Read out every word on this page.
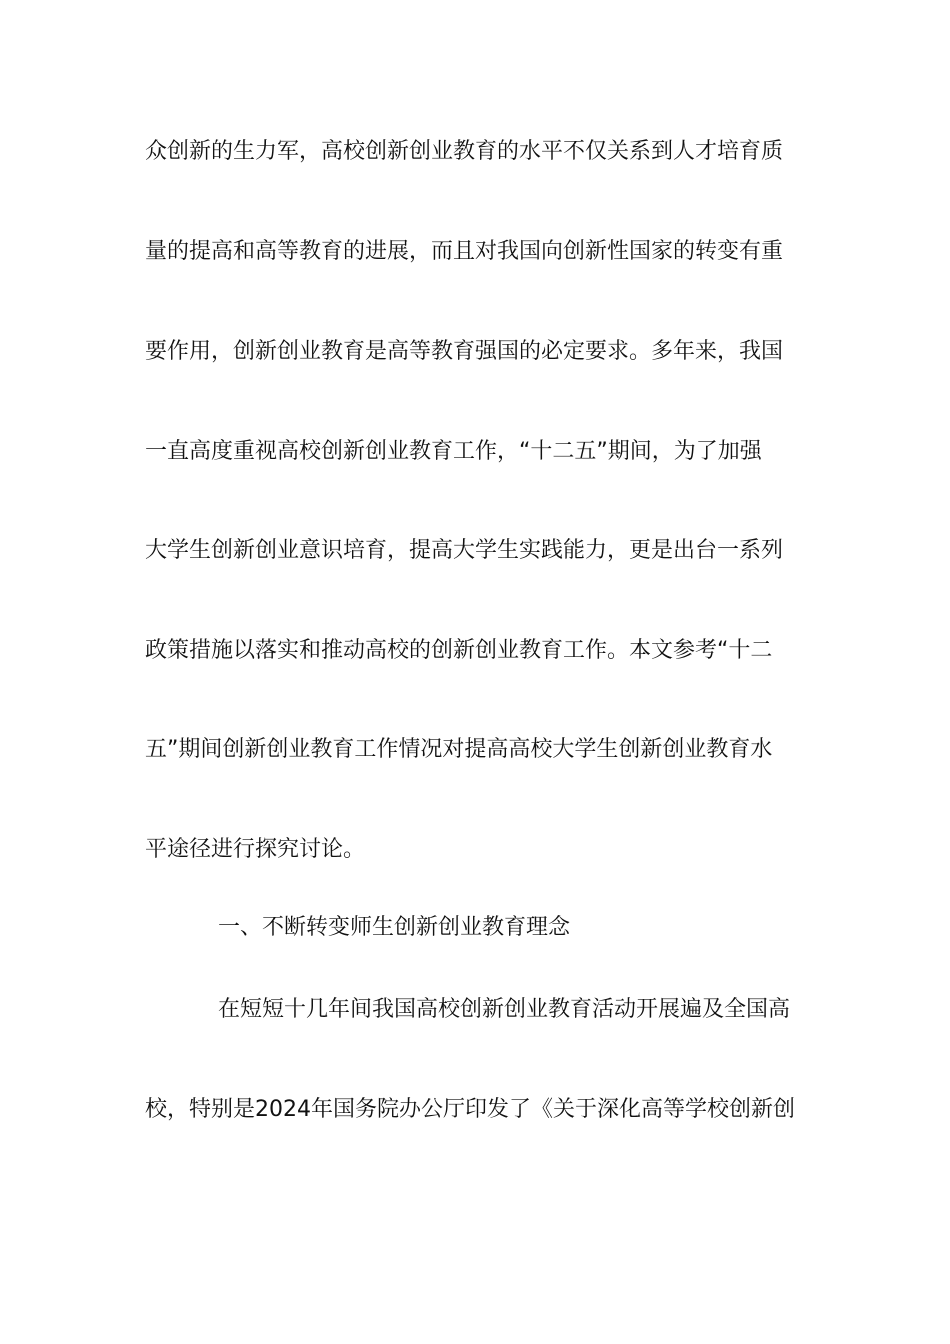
众创新的生力军，高校创新创业教育的水平不仅关系到人才培育质
量的提高和高等教育的进展，而且对我国向创新性国家的转变有重
要作用，创新创业教育是高等教育强国的必定要求。多年来，我国
一直高度重视高校创新创业教育工作，“十二五”期间，为了加强
大学生创新创业意识培育，提高大学生实践能力，更是出台一系列
政策措施以落实和推动高校的创新创业教育工作。本文参考“十二
五”期间创新创业教育工作情况对提高高校大学生创新创业教育水
平途径进行探究讨论。
一、不断转变师生创新创业教育理念
在短短十几年间我国高校创新创业教育活动开展遍及全国高
校，特别是2024年国务院办公厅印发了《关于深化高等学校创新创
